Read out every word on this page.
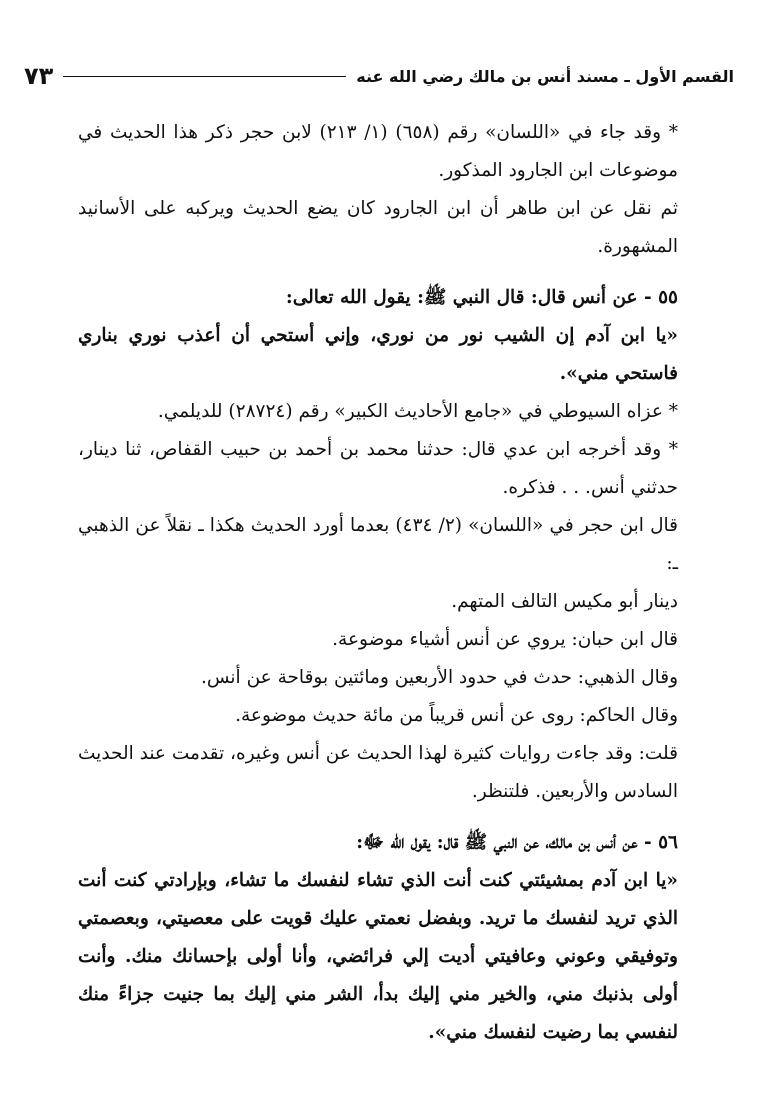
القسم الأول ـ مسند أنس بن مالك رضي الله عنه
٧٣

* وقد جاء في «اللسان» رقم (٦٥٨) (١/ ٢١٣) لابن حجر ذكر هذا الحديث في موضوعات ابن الجارود المذكور.

ثم نقل عن ابن طاهر أن ابن الجارود كان يضع الحديث ويركبه على الأسانيد المشهورة.

٥٥ - عن أنس قال: قال النبي ﷺ: يقول الله تعالى:

«يا ابن آدم إن الشيب نور من نوري، وإني أستحي أن أعذب نوري بناري فاستحي مني».

* عزاه السيوطي في «جامع الأحاديث الكبير» رقم (٢٨٧٢٤) للديلمي.

* وقد أخرجه ابن عدي قال: حدثنا محمد بن أحمد بن حبيب القفاص، ثنا دينار، حدثني أنس. . . فذكره.

قال ابن حجر في «اللسان» (٢/ ٤٣٤) بعدما أورد الحديث هكذا ـ نقلاً عن الذهبي ـ:

دينار أبو مكيس التالف المتهم.

قال ابن حبان: يروي عن أنس أشياء موضوعة.

وقال الذهبي: حدث في حدود الأربعين ومائتين بوقاحة عن أنس.

وقال الحاكم: روى عن أنس قريباً من مائة حديث موضوعة.

قلت: وقد جاءت روايات كثيرة لهذا الحديث عن أنس وغيره، تقدمت عند الحديث السادس والأربعين. فلتنظر.

٥٦ - عن أنس بن مالك، عن النبي ﷺ قال: يقول الله ﷻ:

«يا ابن آدم بمشيئتي كنت أنت الذي تشاء لنفسك ما تشاء، وبإرادتي كنت أنت الذي تريد لنفسك ما تريد. وبفضل نعمتي عليك قويت على معصيتي، وبعصمتي وتوفيقي وعوني وعافيتي أديت إلي فرائضي، وأنا أولى بإحسانك منك. وأنت أولى بذنبك مني، والخير مني إليك بدأ، الشر مني إليك بما جنيت جزاءً منك لنفسي بما رضيت لنفسك مني».
